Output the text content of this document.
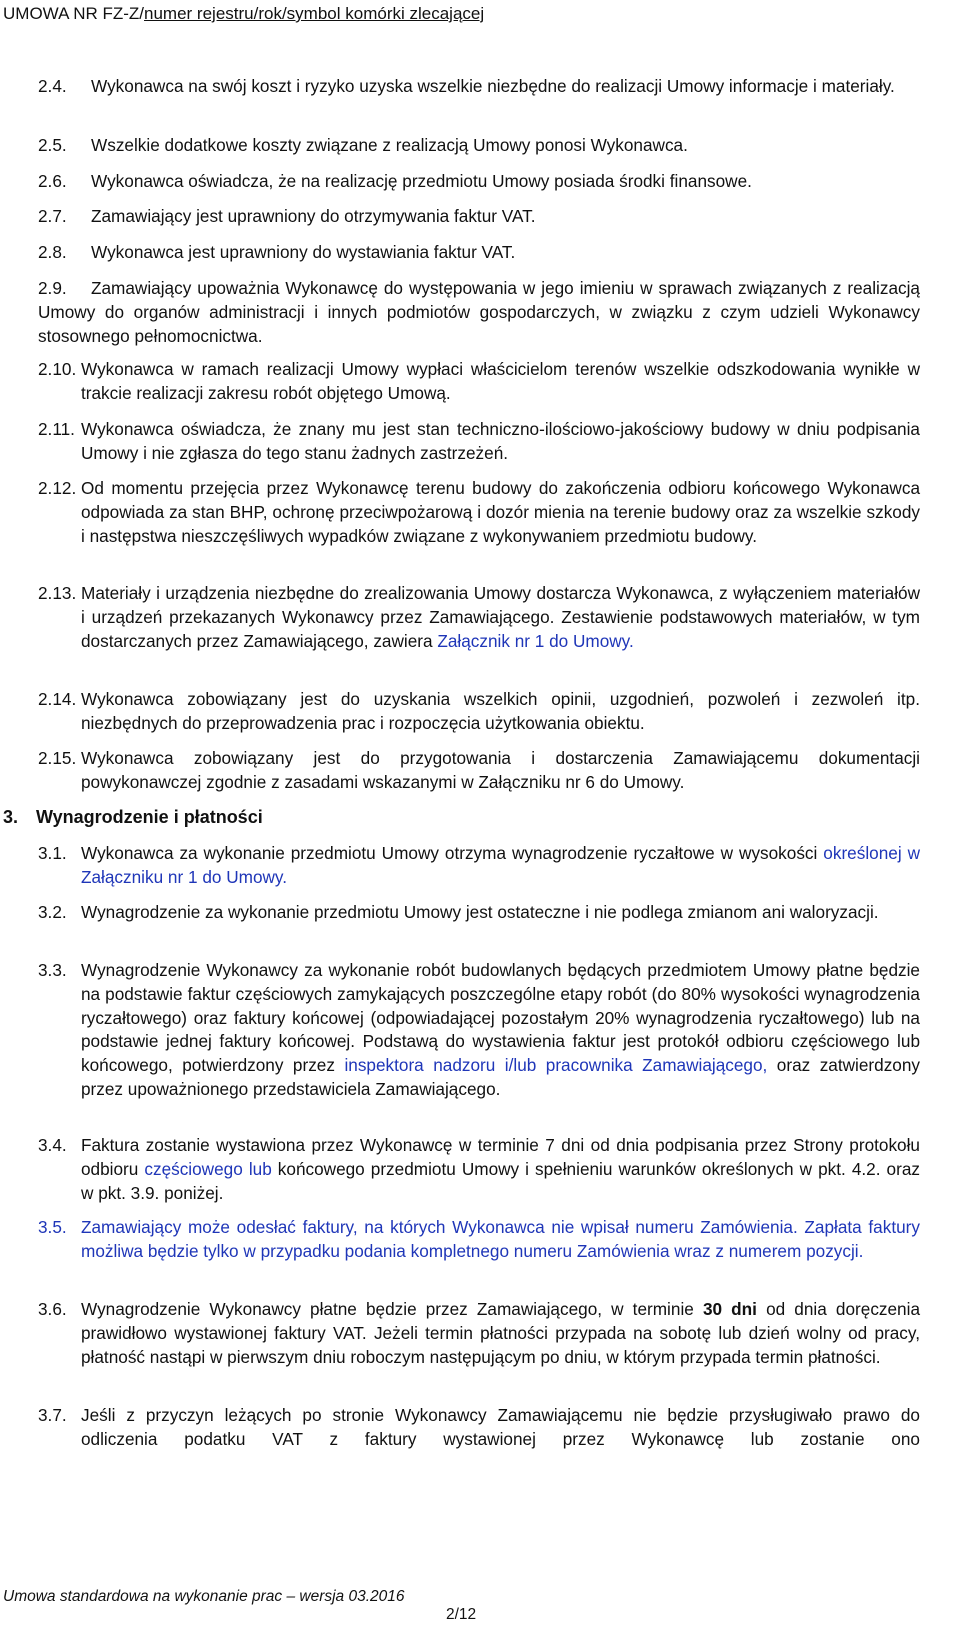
UMOWA NR FZ-Z/numer rejestru/rok/symbol komórki zlecającej
2.4. Wykonawca na swój koszt i ryzyko uzyska wszelkie niezbędne do realizacji Umowy informacje i materiały.
2.5. Wszelkie dodatkowe koszty związane z realizacją Umowy ponosi Wykonawca.
2.6. Wykonawca oświadcza, że na realizację przedmiotu Umowy posiada środki finansowe.
2.7. Zamawiający jest uprawniony do otrzymywania faktur VAT.
2.8. Wykonawca jest uprawniony do wystawiania faktur VAT.
2.9.	Zamawiający upoważnia Wykonawcę do występowania w jego imieniu w sprawach związanych z realizacją Umowy do organów administracji i innych podmiotów gospodarczych, w związku z czym udzieli Wykonawcy stosownego pełnomocnictwa.
2.10. Wykonawca w ramach realizacji Umowy wypłaci właścicielom terenów wszelkie odszkodowania wynikłe w trakcie realizacji zakresu robót objętego Umową.
2.11. Wykonawca oświadcza, że znany mu jest stan techniczno-ilościowo-jakościowy budowy w dniu podpisania Umowy i nie zgłasza do tego stanu żadnych zastrzeżeń.
2.12. Od momentu przejęcia przez Wykonawcę terenu budowy do zakończenia odbioru końcowego Wykonawca odpowiada za stan BHP, ochronę przeciwpożarową i dozór mienia na terenie budowy oraz za wszelkie szkody i następstwa nieszczęśliwych wypadków związane z wykonywaniem przedmiotu budowy.
2.13. Materiały i urządzenia niezbędne do zrealizowania Umowy dostarcza Wykonawca, z wyłączeniem materiałów i urządzeń przekazanych Wykonawcy przez Zamawiającego. Zestawienie podstawowych materiałów, w tym dostarczanych przez Zamawiającego, zawiera Załącznik nr 1 do Umowy.
2.14. Wykonawca zobowiązany jest do uzyskania wszelkich opinii, uzgodnień, pozwoleń i zezwoleń itp. niezbędnych do przeprowadzenia prac i rozpoczęcia użytkowania obiektu.
2.15. Wykonawca zobowiązany jest do przygotowania i dostarczenia Zamawiającemu dokumentacji powykonawczej zgodnie z zasadami wskazanymi w Załączniku nr 6 do Umowy.
3. Wynagrodzenie i płatności
3.1. Wykonawca za wykonanie przedmiotu Umowy otrzyma wynagrodzenie ryczałtowe w wysokości określonej w Załączniku nr 1 do Umowy.
3.2. Wynagrodzenie za wykonanie przedmiotu Umowy jest ostateczne i nie podlega zmianom ani waloryzacji.
3.3. Wynagrodzenie Wykonawcy za wykonanie robót budowlanych będących przedmiotem Umowy płatne będzie na podstawie faktur częściowych zamykających poszczególne etapy robót (do 80% wysokości wynagrodzenia ryczałtowego) oraz faktury końcowej (odpowiadającej pozostałym 20% wynagrodzenia ryczałtowego) lub na podstawie jednej faktury końcowej. Podstawą do wystawienia faktur jest protokół odbioru częściowego lub końcowego, potwierdzony przez inspektora nadzoru i/lub pracownika Zamawiającego, oraz zatwierdzony przez upoważnionego przedstawiciela Zamawiającego.
3.4. Faktura zostanie wystawiona przez Wykonawcę w terminie 7 dni od dnia podpisania przez Strony protokołu odbioru częściowego lub końcowego przedmiotu Umowy i spełnieniu warunków określonych w pkt. 4.2. oraz w pkt. 3.9. poniżej.
3.5. Zamawiający może odesłać faktury, na których Wykonawca nie wpisał numeru Zamówienia. Zapłata faktury możliwa będzie tylko w przypadku podania kompletnego numeru Zamówienia wraz z numerem pozycji.
3.6. Wynagrodzenie Wykonawcy płatne będzie przez Zamawiającego, w terminie 30 dni od dnia doręczenia prawidłowo wystawionej faktury VAT. Jeżeli termin płatności przypada na sobotę lub dzień wolny od pracy, płatność nastąpi w pierwszym dniu roboczym następującym po dniu, w którym przypada termin płatności.
3.7. Jeśli z przyczyn leżących po stronie Wykonawcy Zamawiającemu nie będzie przysługiwało prawo do odliczenia podatku VAT z faktury wystawionej przez Wykonawcę lub zostanie ono
Umowa standardowa na wykonanie prac – wersja 03.2016
2/12
